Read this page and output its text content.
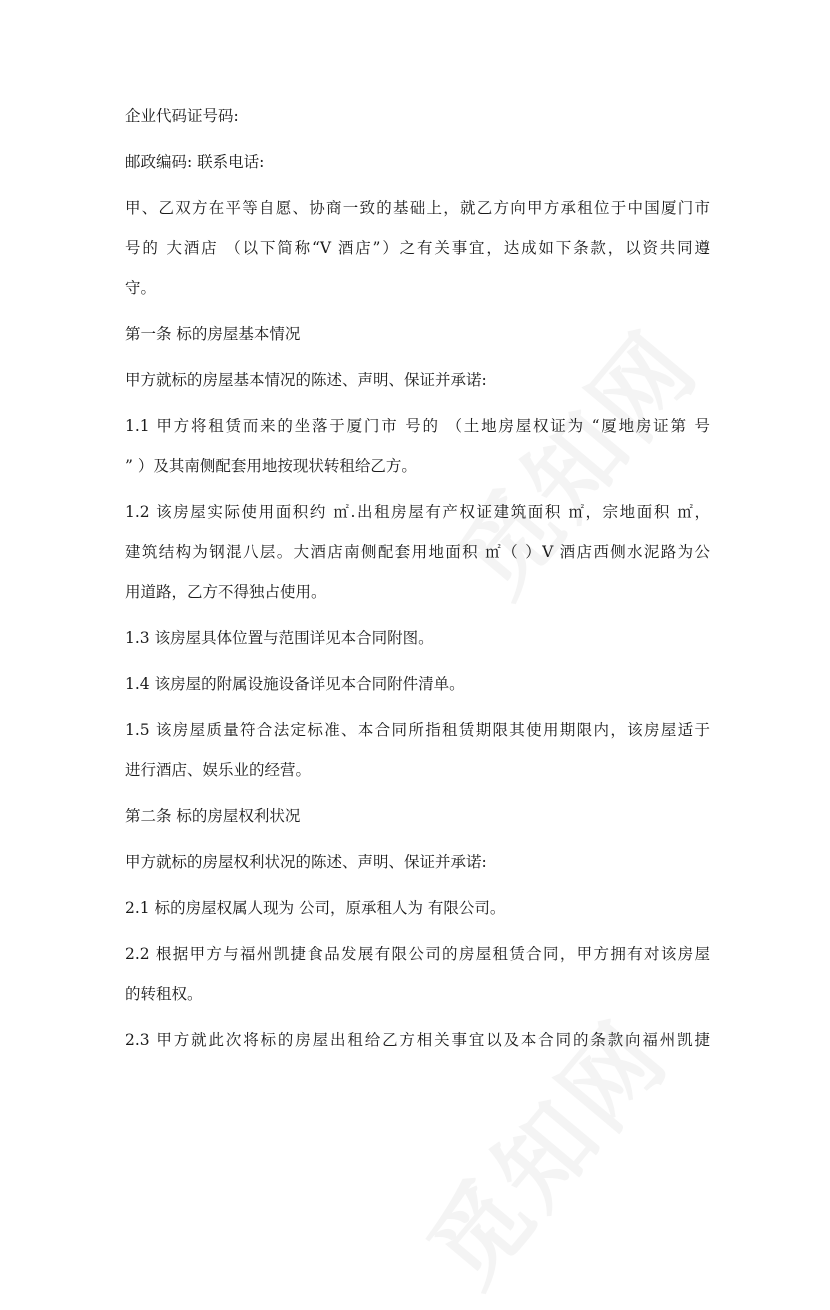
企业代码证号码:

邮政编码: 联系电话:

甲、乙双方在平等自愿、协商一致的基础上，就乙方向甲方承租位于中国厦门市

号的 大酒店 （以下简称“V 酒店”）之有关事宜，达成如下条款，以资共同遵

守。

第一条 标的房屋基本情况

甲方就标的房屋基本情况的陈述、声明、保证并承诺:

1.1 甲方将租赁而来的坐落于厦门市 号的 （土地房屋权证为 “厦地房证第 号

” ）及其南侧配套用地按现状转租给乙方。

1.2 该房屋实际使用面积约 ㎡.出租房屋有产权证建筑面积 ㎡，宗地面积 ㎡，

建筑结构为钢混八层。大酒店南侧配套用地面积 ㎡（ ）V 酒店西侧水泥路为公

用道路，乙方不得独占使用。

1.3 该房屋具体位置与范围详见本合同附图。

1.4 该房屋的附属设施设备详见本合同附件清单。

1.5 该房屋质量符合法定标准、本合同所指租赁期限其使用期限内，该房屋适于

进行酒店、娱乐业的经营。

第二条 标的房屋权利状况

甲方就标的房屋权利状况的陈述、声明、保证并承诺:

2.1 标的房屋权属人现为 公司，原承租人为 有限公司。

2.2 根据甲方与福州凯捷食品发展有限公司的房屋租赁合同，甲方拥有对该房屋

的转租权。

2.3 甲方就此次将标的房屋出租给乙方相关事宜以及本合同的条款向福州凯捷
